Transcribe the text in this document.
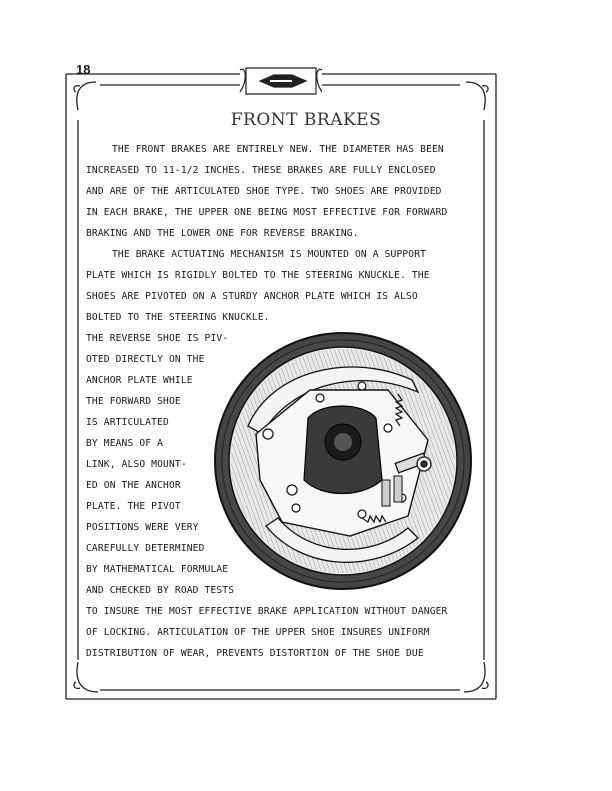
18
FRONT BRAKES
THE FRONT BRAKES ARE ENTIRELY NEW. THE DIAMETER HAS BEEN
INCREASED TO 11-1/2 INCHES. THESE BRAKES ARE FULLY ENCLOSED
AND ARE OF THE ARTICULATED SHOE TYPE. TWO SHOES ARE PROVIDED
IN EACH BRAKE, THE UPPER ONE BEING MOST EFFECTIVE FOR FORWARD
BRAKING AND THE LOWER ONE FOR REVERSE BRAKING.
THE BRAKE ACTUATING MECHANISM IS MOUNTED ON A SUPPORT
PLATE WHICH IS RIGIDLY BOLTED TO THE STEERING KNUCKLE. THE
SHOES ARE PIVOTED ON A STURDY ANCHOR PLATE WHICH IS ALSO
BOLTED TO THE STEERING KNUCKLE.
THE REVERSE SHOE IS PIV-
OTED DIRECTLY ON THE
ANCHOR PLATE WHILE
THE FORWARD SHOE
IS ARTICULATED
BY MEANS OF A
LINK, ALSO MOUNT-
ED ON THE ANCHOR
PLATE. THE PIVOT
POSITIONS WERE VERY
CAREFULLY DETERMINED
BY MATHEMATICAL FORMULAE
AND CHECKED BY ROAD TESTS
TO INSURE THE MOST EFFECTIVE BRAKE APPLICATION WITHOUT DANGER
OF LOCKING. ARTICULATION OF THE UPPER SHOE INSURES UNIFORM
DISTRIBUTION OF WEAR, PREVENTS DISTORTION OF THE SHOE DUE
